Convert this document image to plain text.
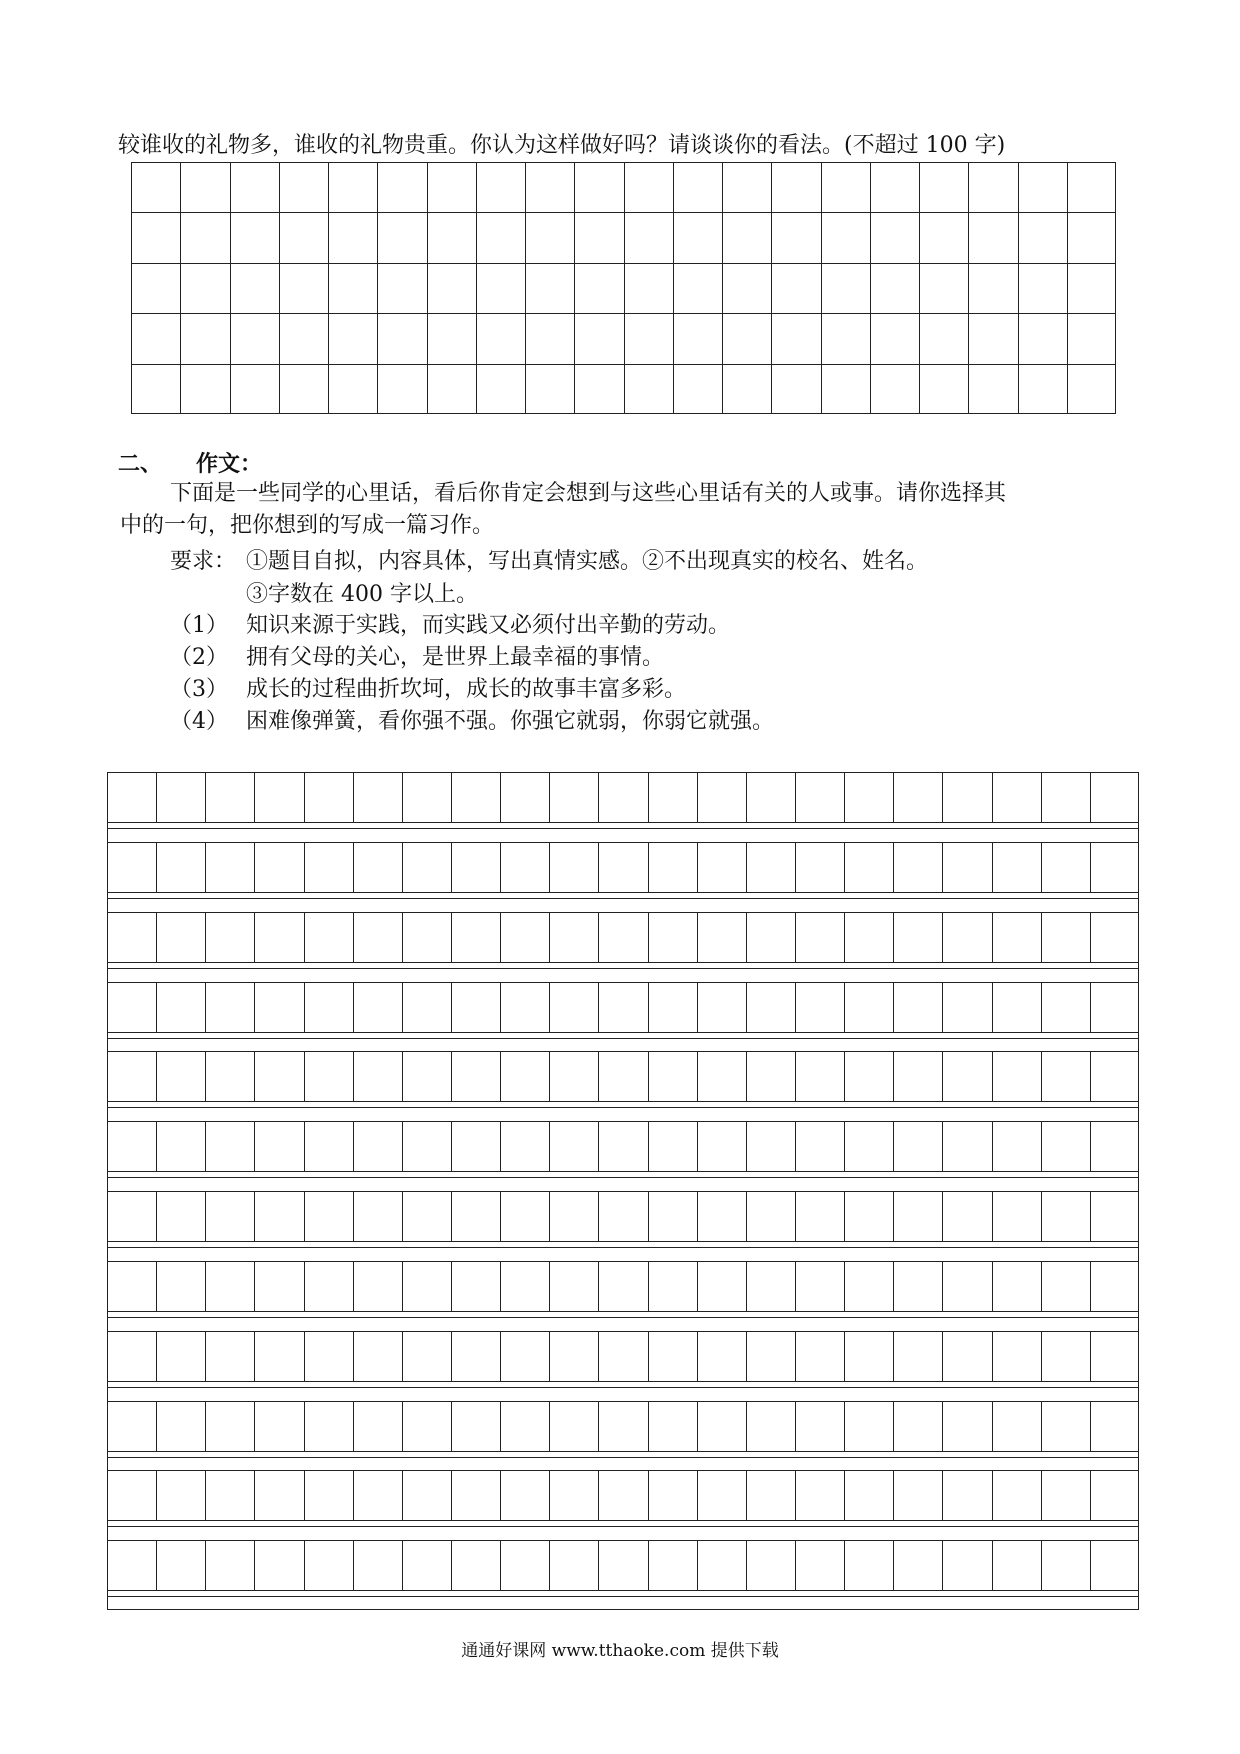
较谁收的礼物多，谁收的礼物贵重。你认为这样做好吗？请谈谈你的看法。(不超过 100 字)
二、 作文：
下面是一些同学的心里话，看后你肯定会想到与这些心里话有关的人或事。请你选择其
中的一句，把你想到的写成一篇习作。
要求： ①题目自拟，内容具体，写出真情实感。②不出现真实的校名、姓名。
③字数在 400 字以上。
（1） 知识来源于实践，而实践又必须付出辛勤的劳动。
（2） 拥有父母的关心，是世界上最幸福的事情。
（3） 成长的过程曲折坎坷，成长的故事丰富多彩。
（4） 困难像弹簧，看你强不强。你强它就弱，你弱它就强。
通通好课网 www.tthaoke.com 提供下载
